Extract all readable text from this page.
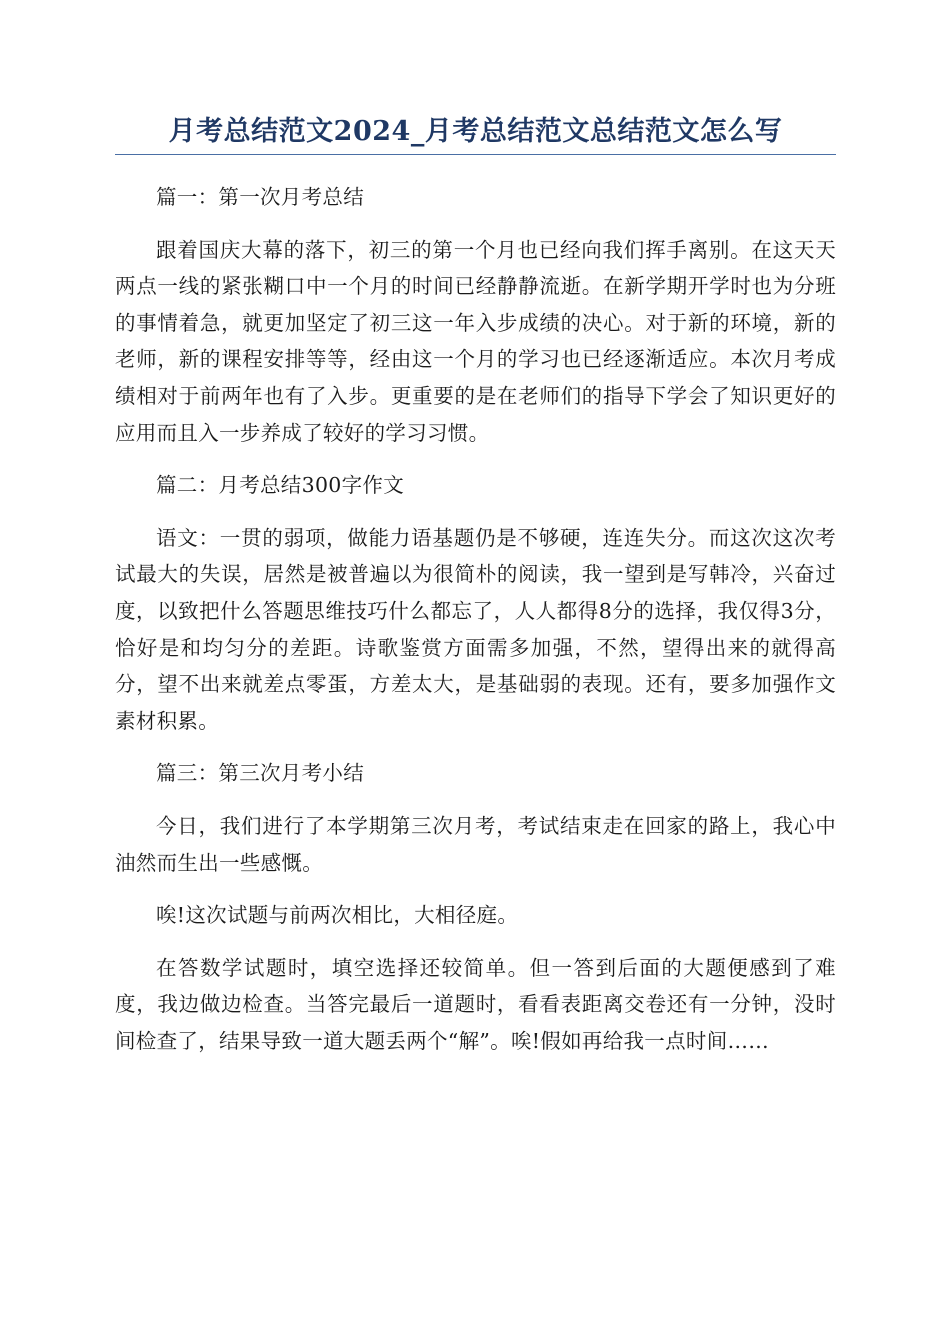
月考总结范文2024_月考总结范文总结范文怎么写

篇一：第一次月考总结

跟着国庆大幕的落下，初三的第一个月也已经向我们挥手离别。在这天天两点一线的紧张糊口中一个月的时间已经静静流逝。在新学期开学时也为分班的事情着急，就更加坚定了初三这一年入步成绩的决心。对于新的环境，新的老师，新的课程安排等等，经由这一个月的学习也已经逐渐适应。本次月考成绩相对于前两年也有了入步。更重要的是在老师们的指导下学会了知识更好的应用而且入一步养成了较好的学习习惯。

篇二：月考总结300字作文

语文：一贯的弱项，做能力语基题仍是不够硬，连连失分。而这次这次考试最大的失误，居然是被普遍以为很简朴的阅读，我一望到是写韩冷，兴奋过度，以致把什么答题思维技巧什么都忘了，人人都得8分的选择，我仅得3分，恰好是和均匀分的差距。诗歌鉴赏方面需多加强，不然，望得出来的就得高分，望不出来就差点零蛋，方差太大，是基础弱的表现。还有，要多加强作文素材积累。

篇三：第三次月考小结

今日，我们进行了本学期第三次月考，考试结束走在回家的路上，我心中油然而生出一些感慨。

唉!这次试题与前两次相比，大相径庭。

在答数学试题时，填空选择还较简单。但一答到后面的大题便感到了难度，我边做边检查。当答完最后一道题时，看看表距离交卷还有一分钟，没时间检查了，结果导致一道大题丢两个“解”。唉!假如再给我一点时间……
